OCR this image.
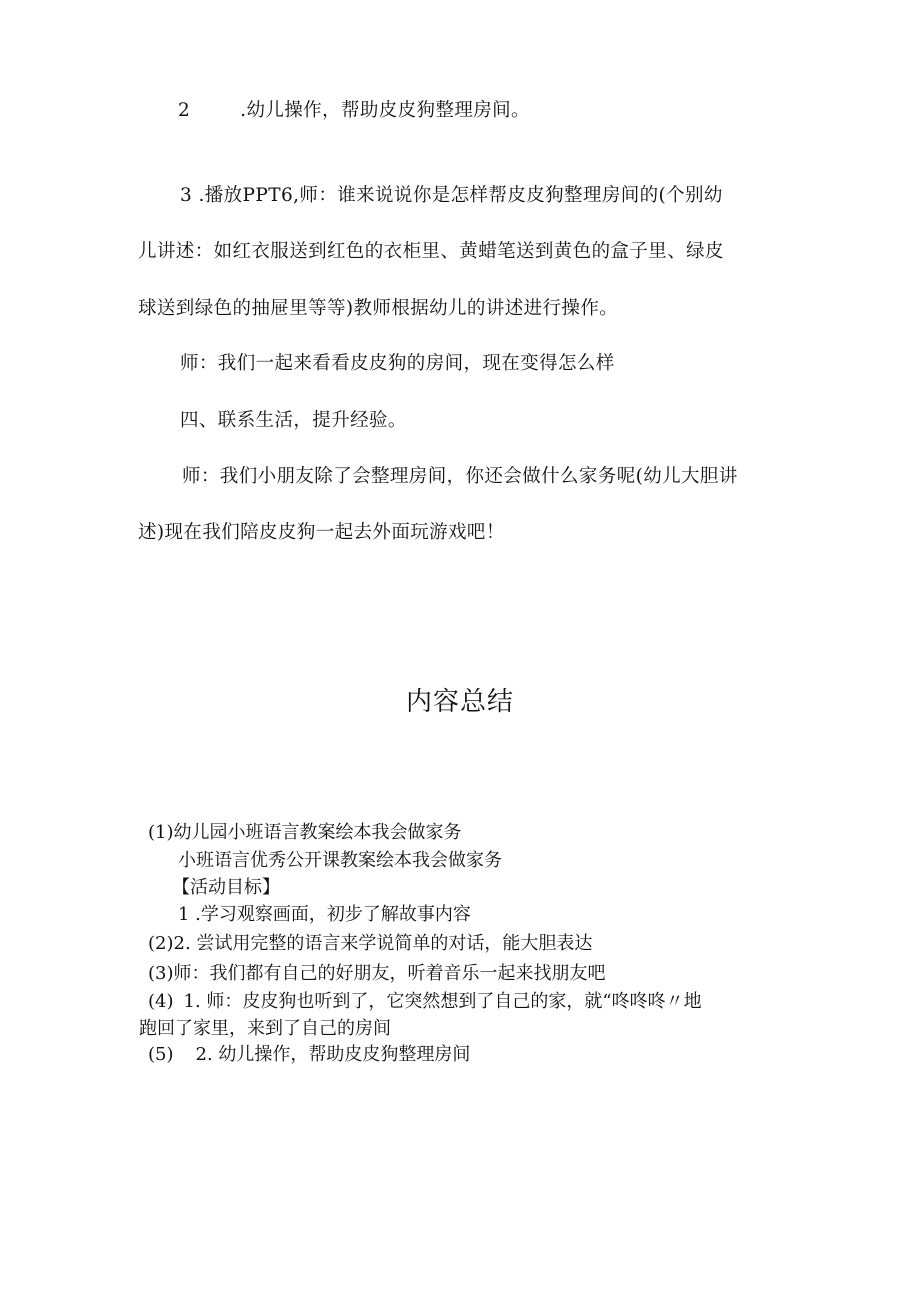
2	.幼儿操作，帮助皮皮狗整理房间。
3 .播放PPT6,师：谁来说说你是怎样帮皮皮狗整理房间的(个别幼
儿讲述：如红衣服送到红色的衣柜里、黄蜡笔送到黄色的盒子里、绿皮
球送到绿色的抽屉里等等)教师根据幼儿的讲述进行操作。
师：我们一起来看看皮皮狗的房间，现在变得怎么样
四、联系生活，提升经验。
师：我们小朋友除了会整理房间，你还会做什么家务呢(幼儿大胆讲
述)现在我们陪皮皮狗一起去外面玩游戏吧！
内容总结
(1)幼儿园小班语言教案绘本我会做家务
小班语言优秀公开课教案绘本我会做家务
【活动目标】
1 .学习观察画面，初步了解故事内容
(2)2. 尝试用完整的语言来学说简单的对话，能大胆表达
(3)师：我们都有自己的好朋友，听着音乐一起来找朋友吧
(4) 1. 师：皮皮狗也听到了，它突然想到了自己的家，就“咚咚咚〃地
跑回了家里，来到了自己的房间
(5) 2. 幼儿操作，帮助皮皮狗整理房间
